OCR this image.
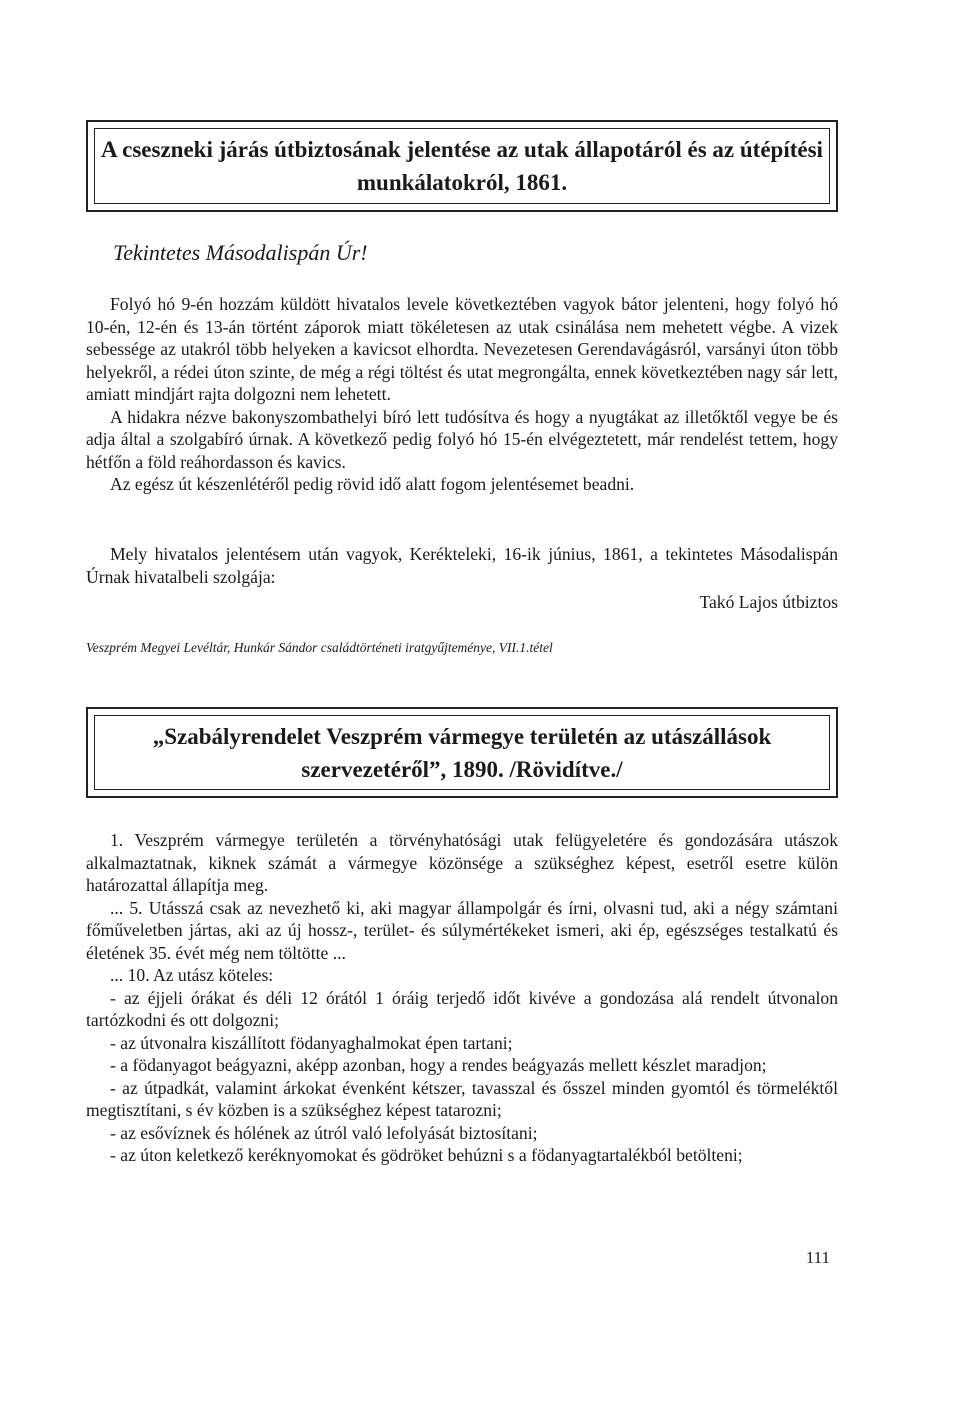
A cseszneki járás útbiztosának jelentése az utak állapotáról és az útépítési munkálatokról, 1861.

Tekintetes Másodalispán Úr!

Folyó hó 9-én hozzám küldött hivatalos levele következtében vagyok bátor jelenteni, hogy folyó hó 10-én, 12-én és 13-án történt záporok miatt tökéletesen az utak csinálása nem mehetett végbe. A vizek sebessége az utakról több helyeken a kavicsot elhordta. Nevezetesen Gerendavágásról, varsányi úton több helyekről, a rédei úton szinte, de még a régi töltést és utat megrongálta, ennek következtében nagy sár lett, amiatt mindjárt rajta dolgozni nem lehetett.

A hidakra nézve bakonyszombathelyi bíró lett tudósítva és hogy a nyugtákat az illetőktől vegye be és adja által a szolgabíró úrnak. A következő pedig folyó hó 15-én elvégeztetett, már rendelést tettem, hogy hétfőn a föld reáhordasson és kavics.

Az egész út készenlétéről pedig rövid idő alatt fogom jelentésemet beadni.

Mely hivatalos jelentésem után vagyok, Kerékteleki, 16-ik június, 1861, a tekintetes Másodalispán Úrnak hivatalbeli szolgája:

Takó Lajos útbiztos

Veszprém Megyei Levéltár, Hunkár Sándor családtörténeti iratgyűjteménye, VII.1.tétel

„Szabályrendelet Veszprém vármegye területén az utászállások szervezetéről”, 1890. /Rövidítve./

1. Veszprém vármegye területén a törvényhatósági utak felügyeletére és gondozására utászok alkalmaztatnak, kiknek számát a vármegye közönsége a szükséghez képest, esetről esetre külön határozattal állapítja meg.

... 5. Utásszá csak az nevezhető ki, aki magyar állampolgár és írni, olvasni tud, aki a négy számtani főműveletben jártas, aki az új hossz-, terület- és súlymértékeket ismeri, aki ép, egészséges testalkatú és életének 35. évét még nem töltötte ...

... 10. Az utász köteles:

- az éjjeli órákat és déli 12 órától 1 óráig terjedő időt kivéve a gondozása alá rendelt útvonalon tartózkodni és ott dolgozni;

- az útvonalra kiszállított födanyaghalmokat épen tartani;

- a födanyagot beágyazni, aképp azonban, hogy a rendes beágyazás mellett készlet maradjon;

- az útpadkát, valamint árkokat évenként kétszer, tavasszal és ősszel minden gyomtól és törmeléktől megtisztítani, s év közben is a szükséghez képest tatarozni;

- az esővíznek és hólének az útról való lefolyását biztosítani;

- az úton keletkező keréknyomokat és gödröket behúzni s a födanyagtartalékból betölteni;

111
